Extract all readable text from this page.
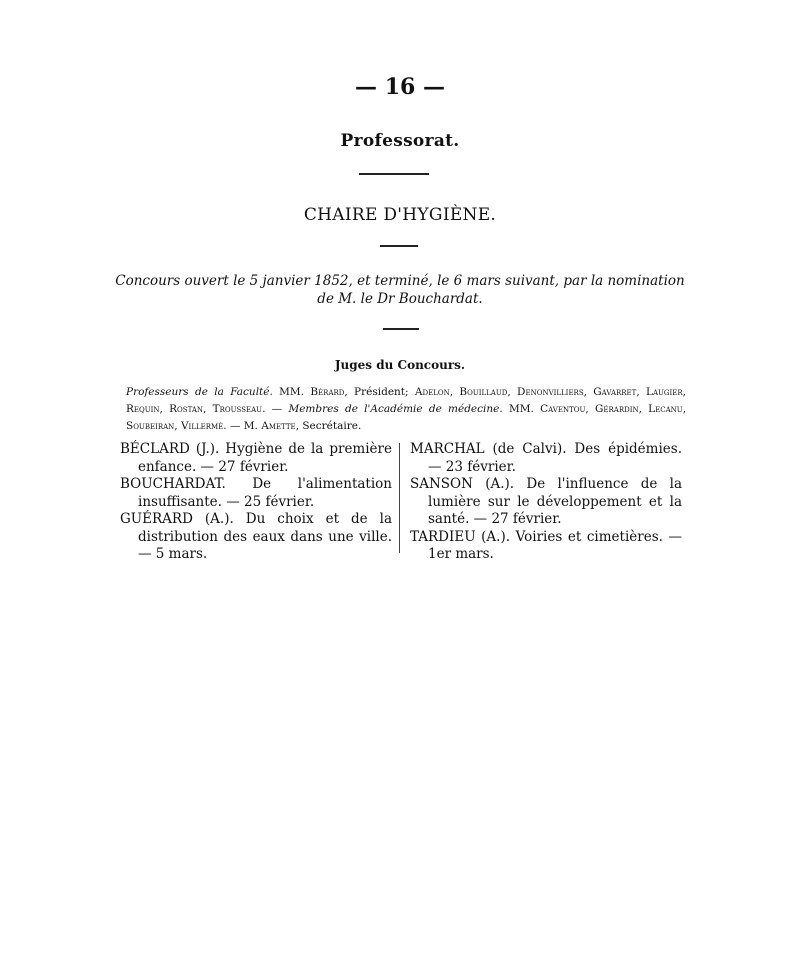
— 16 —
Professorat.
CHAIRE D'HYGIÈNE.
Concours ouvert le 5 janvier 1852, et terminé, le 6 mars suivant, par la nomination
de M. le Dr Bouchardat.
Juges du Concours.
Professeurs de la Faculté. MM. Bérard, Président; Adelon, Bouillaud, Denonvilliers, Gavarret, Laugier, Requin, Rostan, Trousseau. — Membres de l'Académie de médecine. MM. Caventou, Gérardin, Lecanu, Soubeiran, Villermé. — M. Amette, Secrétaire.
BÉCLARD (J.). Hygiène de la première enfance. — 27 février.
BOUCHARDAT. De l'alimentation insuffisante. — 25 février.
GUÉRARD (A.). Du choix et de la distribution des eaux dans une ville. — 5 mars.
MARCHAL (de Calvi). Des épidémies. — 23 février.
SANSON (A.). De l'influence de la lumière sur le développement et la santé. — 27 février.
TARDIEU (A.). Voiries et cimetières. — 1er mars.
